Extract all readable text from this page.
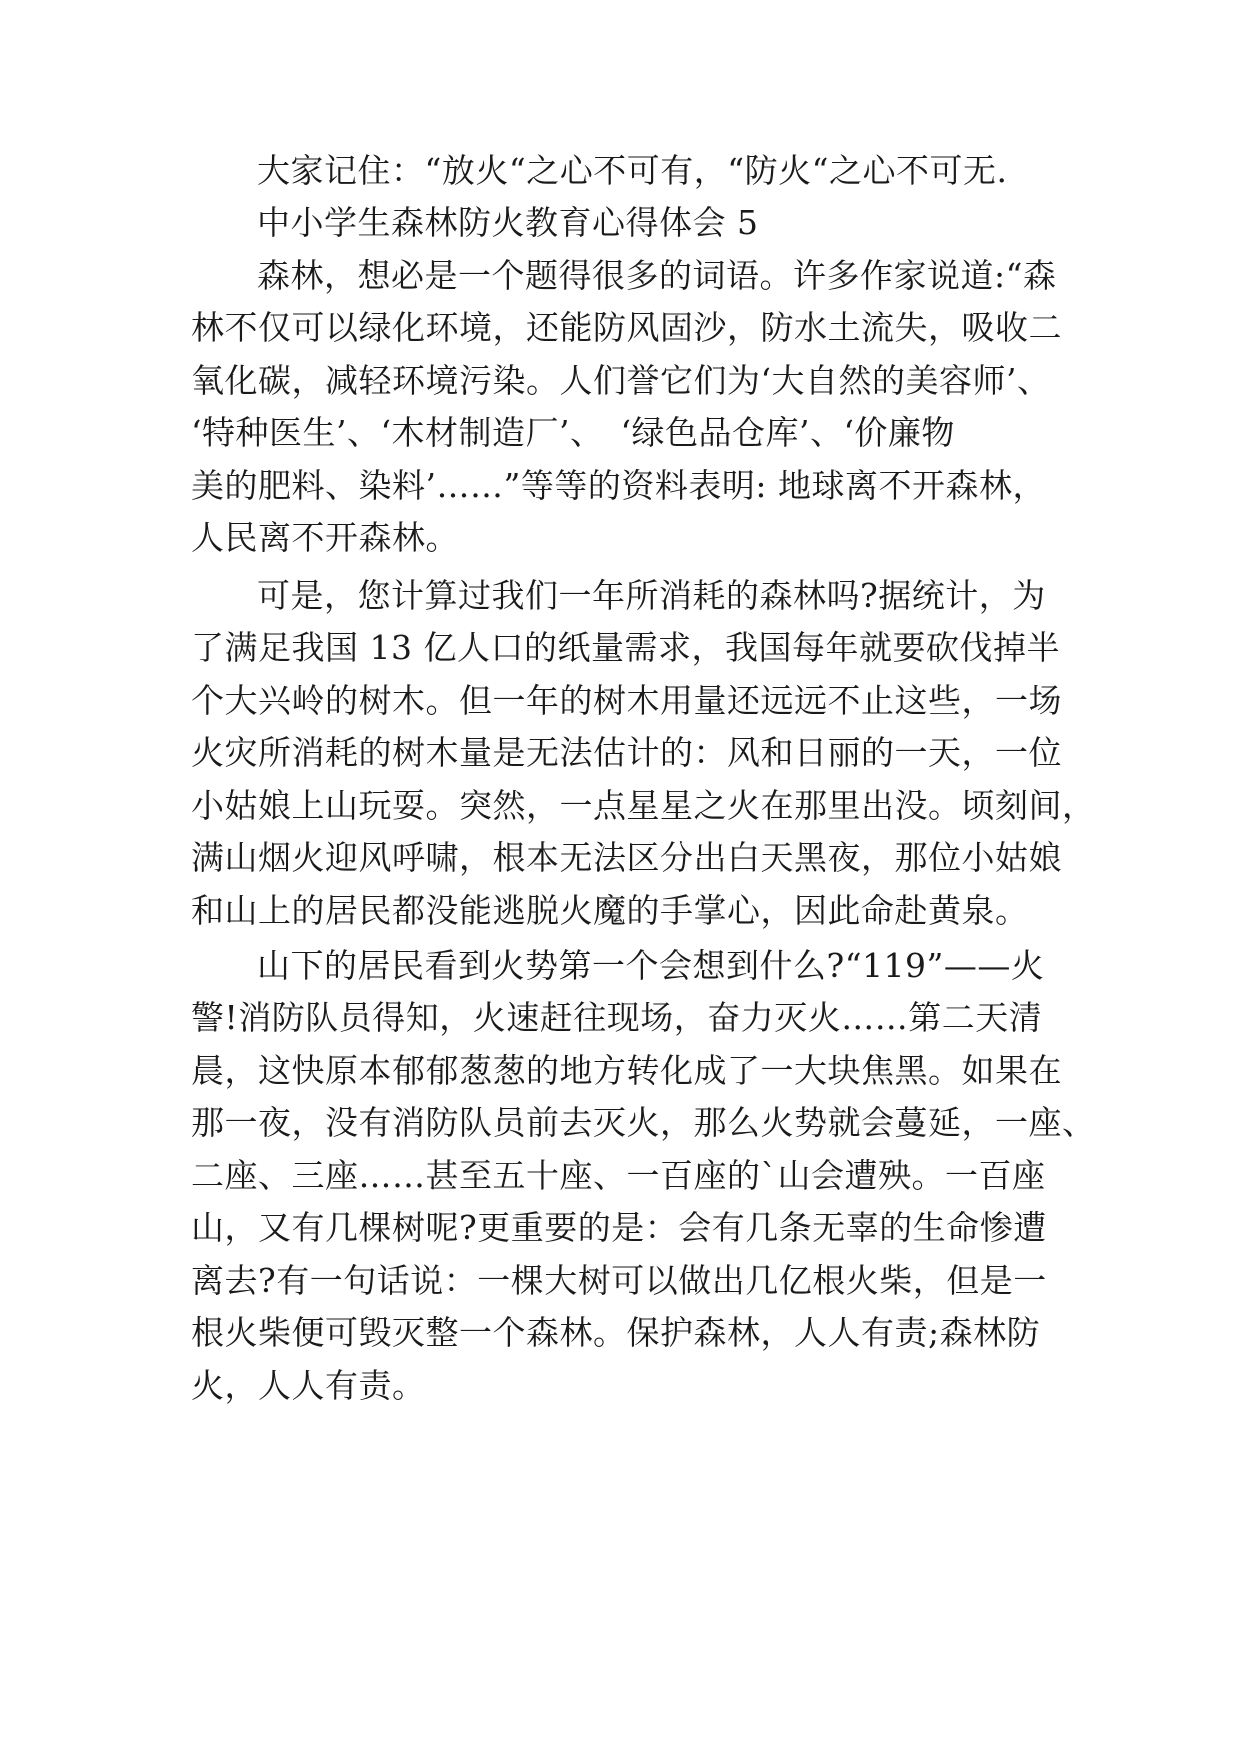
大家记住：“放火“之心不可有，“防火“之心不可无.
中小学生森林防火教育心得体会 5
森林，想必是一个题得很多的词语。许多作家说道:“森
林不仅可以绿化环境，还能防风固沙，防水土流失，吸收二
氧化碳，减轻环境污染。人们誉它们为‘大自然的美容师’、
‘特种医生’、‘木材制造厂’、　‘绿色品仓库’、‘价廉物
美的肥料、染料’……”等等的资料表明: 地球离不开森林，
人民离不开森林。
可是，您计算过我们一年所消耗的森林吗?据统计，为
了满足我国 13 亿人口的纸量需求，我国每年就要砍伐掉半
个大兴岭的树木。但一年的树木用量还远远不止这些，一场
火灾所消耗的树木量是无法估计的：风和日丽的一天，一位
小姑娘上山玩耍。突然，一点星星之火在那里出没。顷刻间，
满山烟火迎风呼啸，根本无法区分出白天黑夜，那位小姑娘
和山上的居民都没能逃脱火魔的手掌心，因此命赴黄泉。
山下的居民看到火势第一个会想到什么?“119”——火
警!消防队员得知，火速赶往现场，奋力灭火……第二天清
晨，这快原本郁郁葱葱的地方转化成了一大块焦黑。如果在
那一夜，没有消防队员前去灭火，那么火势就会蔓延，一座、
二座、三座……甚至五十座、一百座的`山会遭殃。一百座
山，又有几棵树呢?更重要的是：会有几条无辜的生命惨遭
离去?有一句话说：一棵大树可以做出几亿根火柴，但是一
根火柴便可毁灭整一个森林。保护森林，人人有责;森林防
火，人人有责。
